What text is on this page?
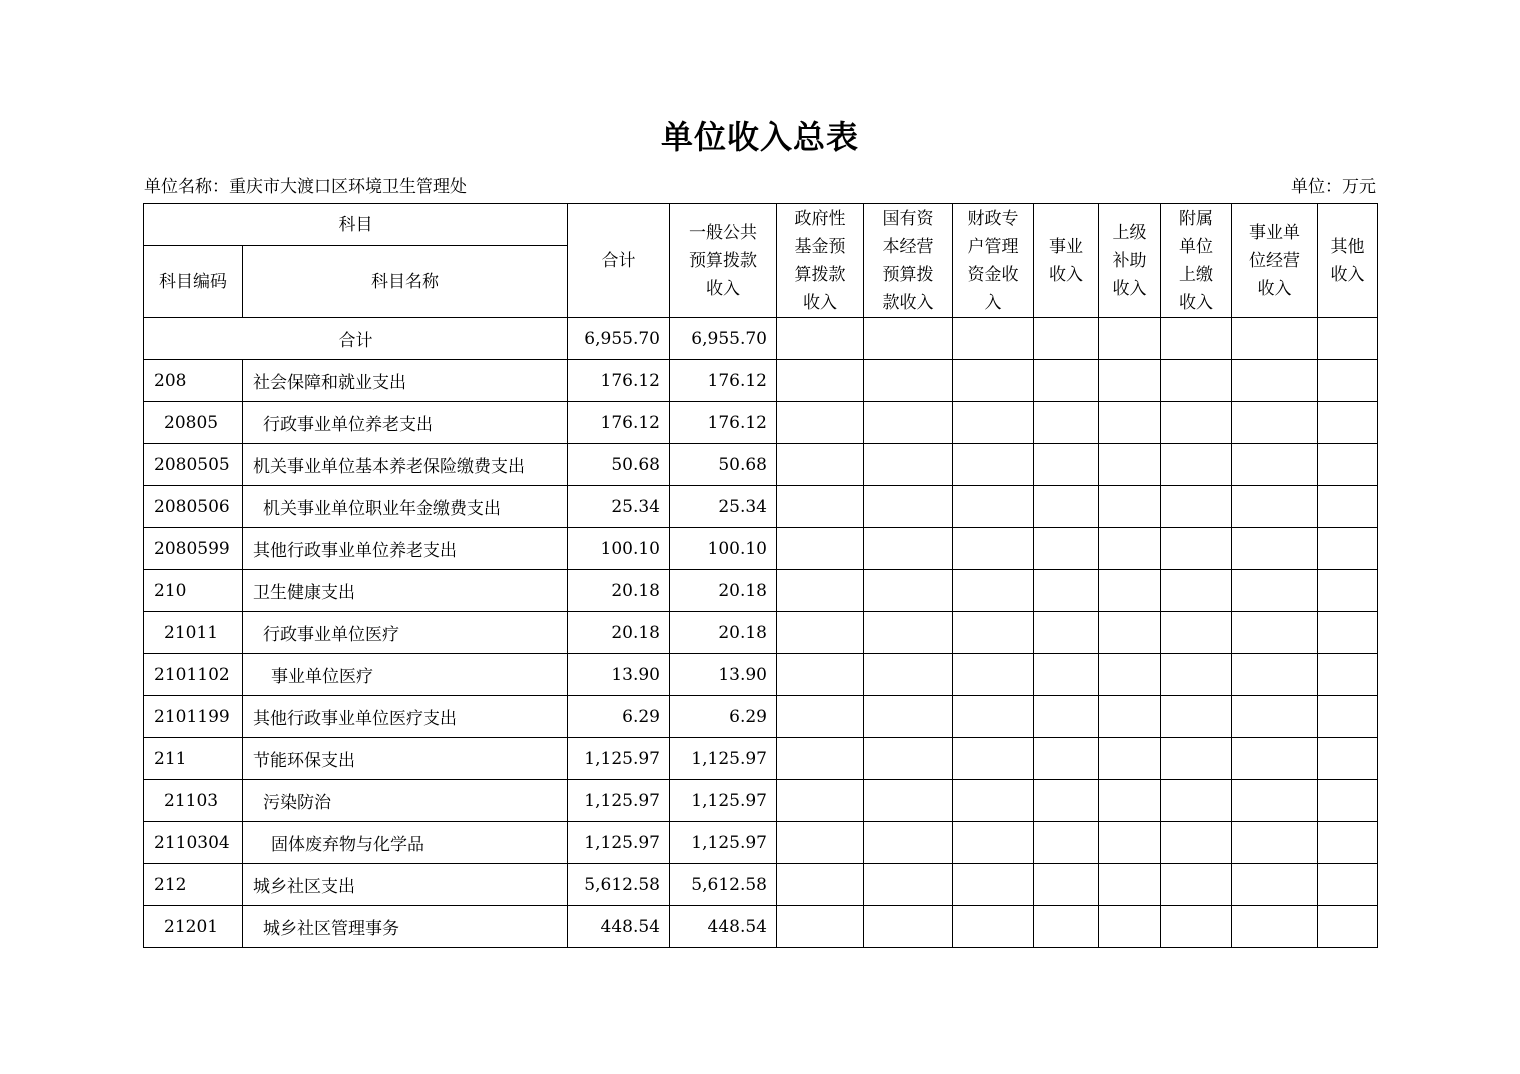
单位收入总表
单位名称：重庆市大渡口区环境卫生管理处	单位：万元
科目		合计	一般公共预算拨款收入	政府性基金预算拨款收入	国有资本经营预算拨款收入	财政专户管理资金收入	事业收入	上级补助收入	附属单位上缴收入	事业单位经营收入	其他收入
科目编码	科目名称										
合计		6,955.70	6,955.70								
208	社会保障和就业支出	176.12	176.12								
20805	行政事业单位养老支出	176.12	176.12								
2080505	机关事业单位基本养老保险缴费支出	50.68	50.68								
2080506	机关事业单位职业年金缴费支出	25.34	25.34								
2080599	其他行政事业单位养老支出	100.10	100.10								
210	卫生健康支出	20.18	20.18								
21011	行政事业单位医疗	20.18	20.18								
2101102	事业单位医疗	13.90	13.90								
2101199	其他行政事业单位医疗支出	6.29	6.29								
211	节能环保支出	1,125.97	1,125.97								
21103	污染防治	1,125.97	1,125.97								
2110304	固体废弃物与化学品	1,125.97	1,125.97								
212	城乡社区支出	5,612.58	5,612.58								
21201	城乡社区管理事务	448.54	448.54								
